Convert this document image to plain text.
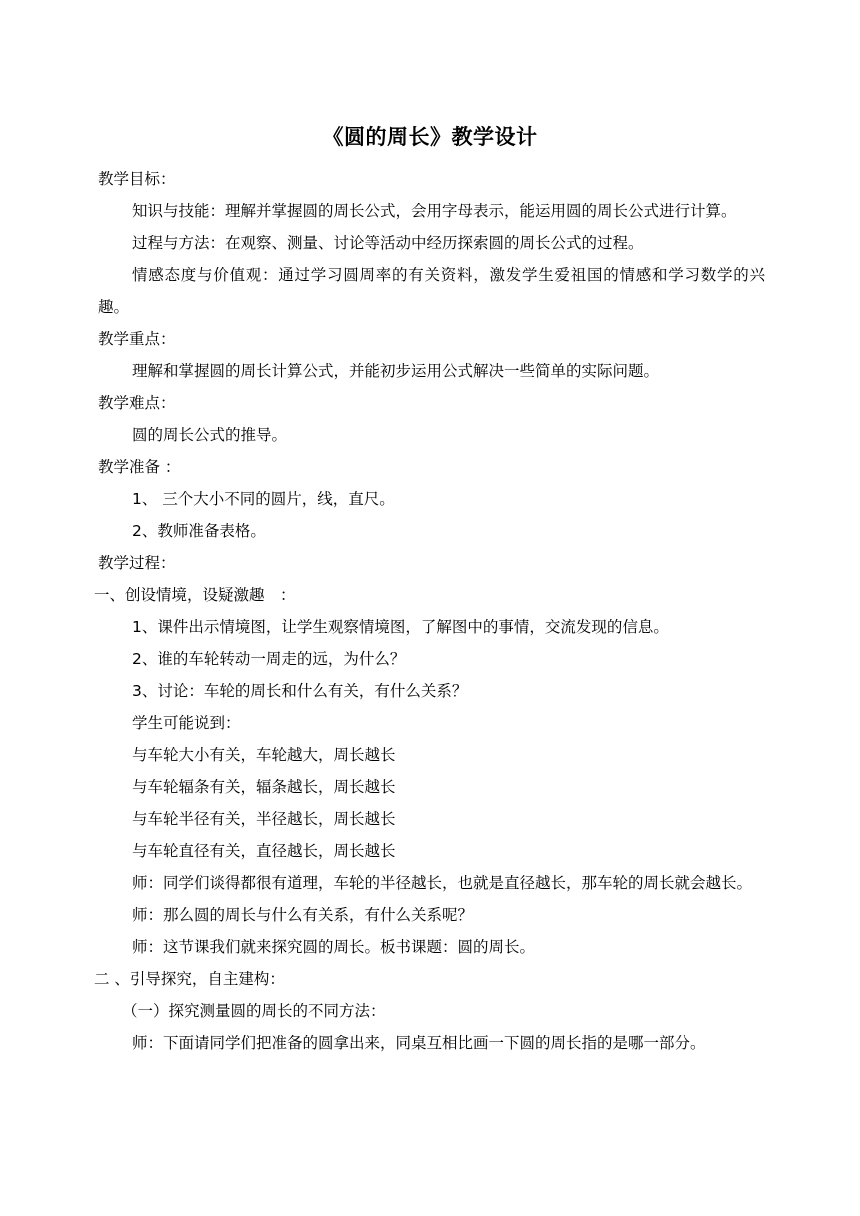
《圆的周长》教学设计
教学目标：
知识与技能：理解并掌握圆的周长公式，会用字母表示，能运用圆的周长公式进行计算。
过程与方法：在观察、测量、讨论等活动中经历探索圆的周长公式的过程。
情感态度与价值观：通过学习圆周率的有关资料，激发学生爱祖国的情感和学习数学的兴趣。
教学重点：
理解和掌握圆的周长计算公式，并能初步运用公式解决一些简单的实际问题。
教学难点：
圆的周长公式的推导。
教学准备 ：
1、 三个大小不同的圆片，线，直尺。
2、教师准备表格。
教学过程：
一、创设情境，设疑激趣　：
1、课件出示情境图，让学生观察情境图，了解图中的事情，交流发现的信息。
2、谁的车轮转动一周走的远，为什么？
3、讨论：车轮的周长和什么有关，有什么关系？
学生可能说到：
与车轮大小有关，车轮越大，周长越长
与车轮辐条有关，辐条越长，周长越长
与车轮半径有关，半径越长，周长越长
与车轮直径有关，直径越长，周长越长
师：同学们谈得都很有道理，车轮的半径越长，也就是直径越长，那车轮的周长就会越长。
师：那么圆的周长与什么有关系，有什么关系呢？
师：这节课我们就来探究圆的周长。板书课题：圆的周长。
二 、引导探究，自主建构：
（一）探究测量圆的周长的不同方法：
师：下面请同学们把准备的圆拿出来，同桌互相比画一下圆的周长指的是哪一部分。
